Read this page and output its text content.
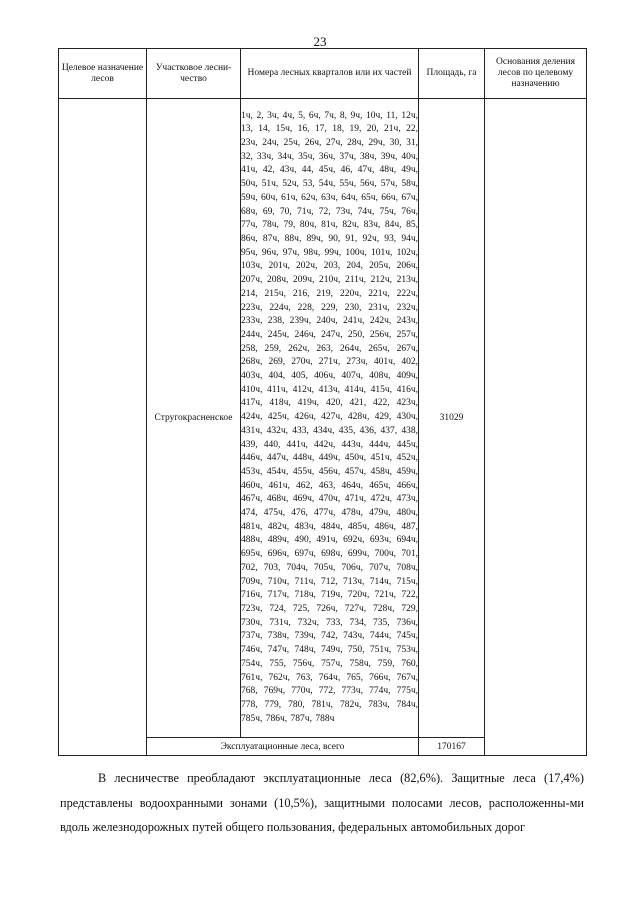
23
Целевое назначение лесов	Участковое лесни-чество	Номера лесных кварталов или их частей	Площадь, га	Основания деления лесов по целевому назначению
	Стругокрасненское	1ч, 2, 3ч, 4ч, 5, 6ч, 7ч, 8, 9ч, 10ч, 11, 12ч, 13, 14, 15ч, 16, 17, 18, 19, 20, 21ч, 22, 23ч, 24ч, 25ч, 26ч, 27ч, 28ч, 29ч, 30, 31, 32, 33ч, 34ч, 35ч, 36ч, 37ч, 38ч, 39ч, 40ч, 41ч, 42, 43ч, 44, 45ч, 46, 47ч, 48ч, 49ч, 50ч, 51ч, 52ч, 53, 54ч, 55ч, 56ч, 57ч, 58ч, 59ч, 60ч, 61ч, 62ч, 63ч, 64ч, 65ч, 66ч, 67ч, 68ч, 69, 70, 71ч, 72, 73ч, 74ч, 75ч, 76ч, 77ч, 78ч, 79, 80ч, 81ч, 82ч, 83ч, 84ч, 85, 86ч, 87ч, 88ч, 89ч, 90, 91, 92ч, 93, 94ч, 95ч, 96ч, 97ч, 98ч, 99ч, 100ч, 101ч, 102ч, 103ч, 201ч, 202ч, 203, 204, 205ч, 206ч, 207ч, 208ч, 209ч, 210ч, 211ч, 212ч, 213ч, 214, 215ч, 216, 219, 220ч, 221ч, 222ч, 223ч, 224ч, 228, 229, 230, 231ч, 232ч, 233ч, 238, 239ч, 240ч, 241ч, 242ч, 243ч, 244ч, 245ч, 246ч, 247ч, 250, 256ч, 257ч, 258, 259, 262ч, 263, 264ч, 265ч, 267ч, 268ч, 269, 270ч, 271ч, 273ч, 401ч, 402, 403ч, 404, 405, 406ч, 407ч, 408ч, 409ч, 410ч, 411ч, 412ч, 413ч, 414ч, 415ч, 416ч, 417ч, 418ч, 419ч, 420, 421, 422, 423ч, 424ч, 425ч, 426ч, 427ч, 428ч, 429, 430ч, 431ч, 432ч, 433, 434ч, 435, 436, 437, 438, 439, 440, 441ч, 442ч, 443ч, 444ч, 445ч, 446ч, 447ч, 448ч, 449ч, 450ч, 451ч, 452ч, 453ч, 454ч, 455ч, 456ч, 457ч, 458ч, 459ч, 460ч, 461ч, 462, 463, 464ч, 465ч, 466ч, 467ч, 468ч, 469ч, 470ч, 471ч, 472ч, 473ч, 474, 475ч, 476, 477ч, 478ч, 479ч, 480ч, 481ч, 482ч, 483ч, 484ч, 485ч, 486ч, 487, 488ч, 489ч, 490, 491ч, 692ч, 693ч, 694ч, 695ч, 696ч, 697ч, 698ч, 699ч, 700ч, 701, 702, 703, 704ч, 705ч, 706ч, 707ч, 708ч, 709ч, 710ч, 711ч, 712, 713ч, 714ч, 715ч, 716ч, 717ч, 718ч, 719ч, 720ч, 721ч, 722, 723ч, 724, 725, 726ч, 727ч, 728ч, 729, 730ч, 731ч, 732ч, 733, 734, 735, 736ч, 737ч, 738ч, 739ч, 742, 743ч, 744ч, 745ч, 746ч, 747ч, 748ч, 749ч, 750, 751ч, 753ч, 754ч, 755, 756ч, 757ч, 758ч, 759, 760, 761ч, 762ч, 763, 764ч, 765, 766ч, 767ч, 768, 769ч, 770ч, 772, 773ч, 774ч, 775ч, 778, 779, 780, 781ч, 782ч, 783ч, 784ч, 785ч, 786ч, 787ч, 788ч	31029	
	Эксплуатационные леса, всего		170167	
В лесничестве преобладают эксплуатационные леса (82,6%). Защитные леса (17,4%) представлены водоохранными зонами (10,5%), защитными полосами лесов, расположенны-ми вдоль железнодорожных путей общего пользования, федеральных автомобильных дорог
